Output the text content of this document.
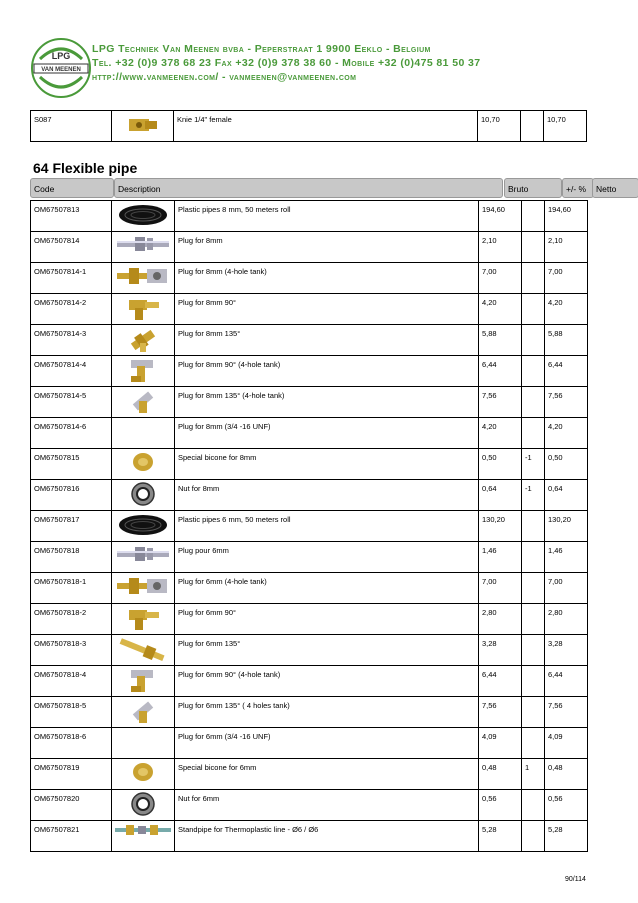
LPG
VAN MEENEN
LPG Techniek Van Meenen bvba - Peperstraat 1 9900 Eeklo - Belgium
Tel. +32 (0)9 378 68 23 Fax +32 (0)9 378 38 60 - Mobile +32 (0)475 81 50 37
http://www.vanmeenen.com/ - vanmeenen@vanmeenen.com
S087		Knie 1/4" female	10,70		10,70
64 Flexible pipe
Code	Description	Bruto	+/- %	Netto
OM67507813		Plastic pipes 8 mm, 50 meters roll	194,60		194,60
OM67507814		Plug for 8mm	2,10		2,10
OM67507814-1		Plug for 8mm (4-hole tank)	7,00		7,00
OM67507814-2		Plug for 8mm 90°	4,20		4,20
OM67507814-3		Plug for 8mm 135°	5,88		5,88
OM67507814-4		Plug for 8mm 90° (4-hole tank)	6,44		6,44
OM67507814-5		Plug for 8mm 135° (4-hole tank)	7,56		7,56
OM67507814-6		Plug for 8mm (3/4 -16 UNF)	4,20		4,20
OM67507815		Special bicone for 8mm	0,50	-1	0,50
OM67507816		Nut for 8mm	0,64	-1	0,64
OM67507817		Plastic pipes 6 mm, 50 meters roll	130,20		130,20
OM67507818		Plug pour 6mm	1,46		1,46
OM67507818-1		Plug for 6mm (4-hole tank)	7,00		7,00
OM67507818-2		Plug for 6mm 90°	2,80		2,80
OM67507818-3		Plug for 6mm 135°	3,28		3,28
OM67507818-4		Plug for 6mm 90° (4-hole tank)	6,44		6,44
OM67507818-5		Plug for 6mm 135° ( 4 holes tank)	7,56		7,56
OM67507818-6		Plug for 6mm (3/4 -16 UNF)	4,09		4,09
OM67507819		Special bicone for 6mm	0,48	1	0,48
OM67507820		Nut for 6mm	0,56		0,56
OM67507821		Standpipe for Thermoplastic line - Ø6 / Ø6	5,28		5,28
90/114
